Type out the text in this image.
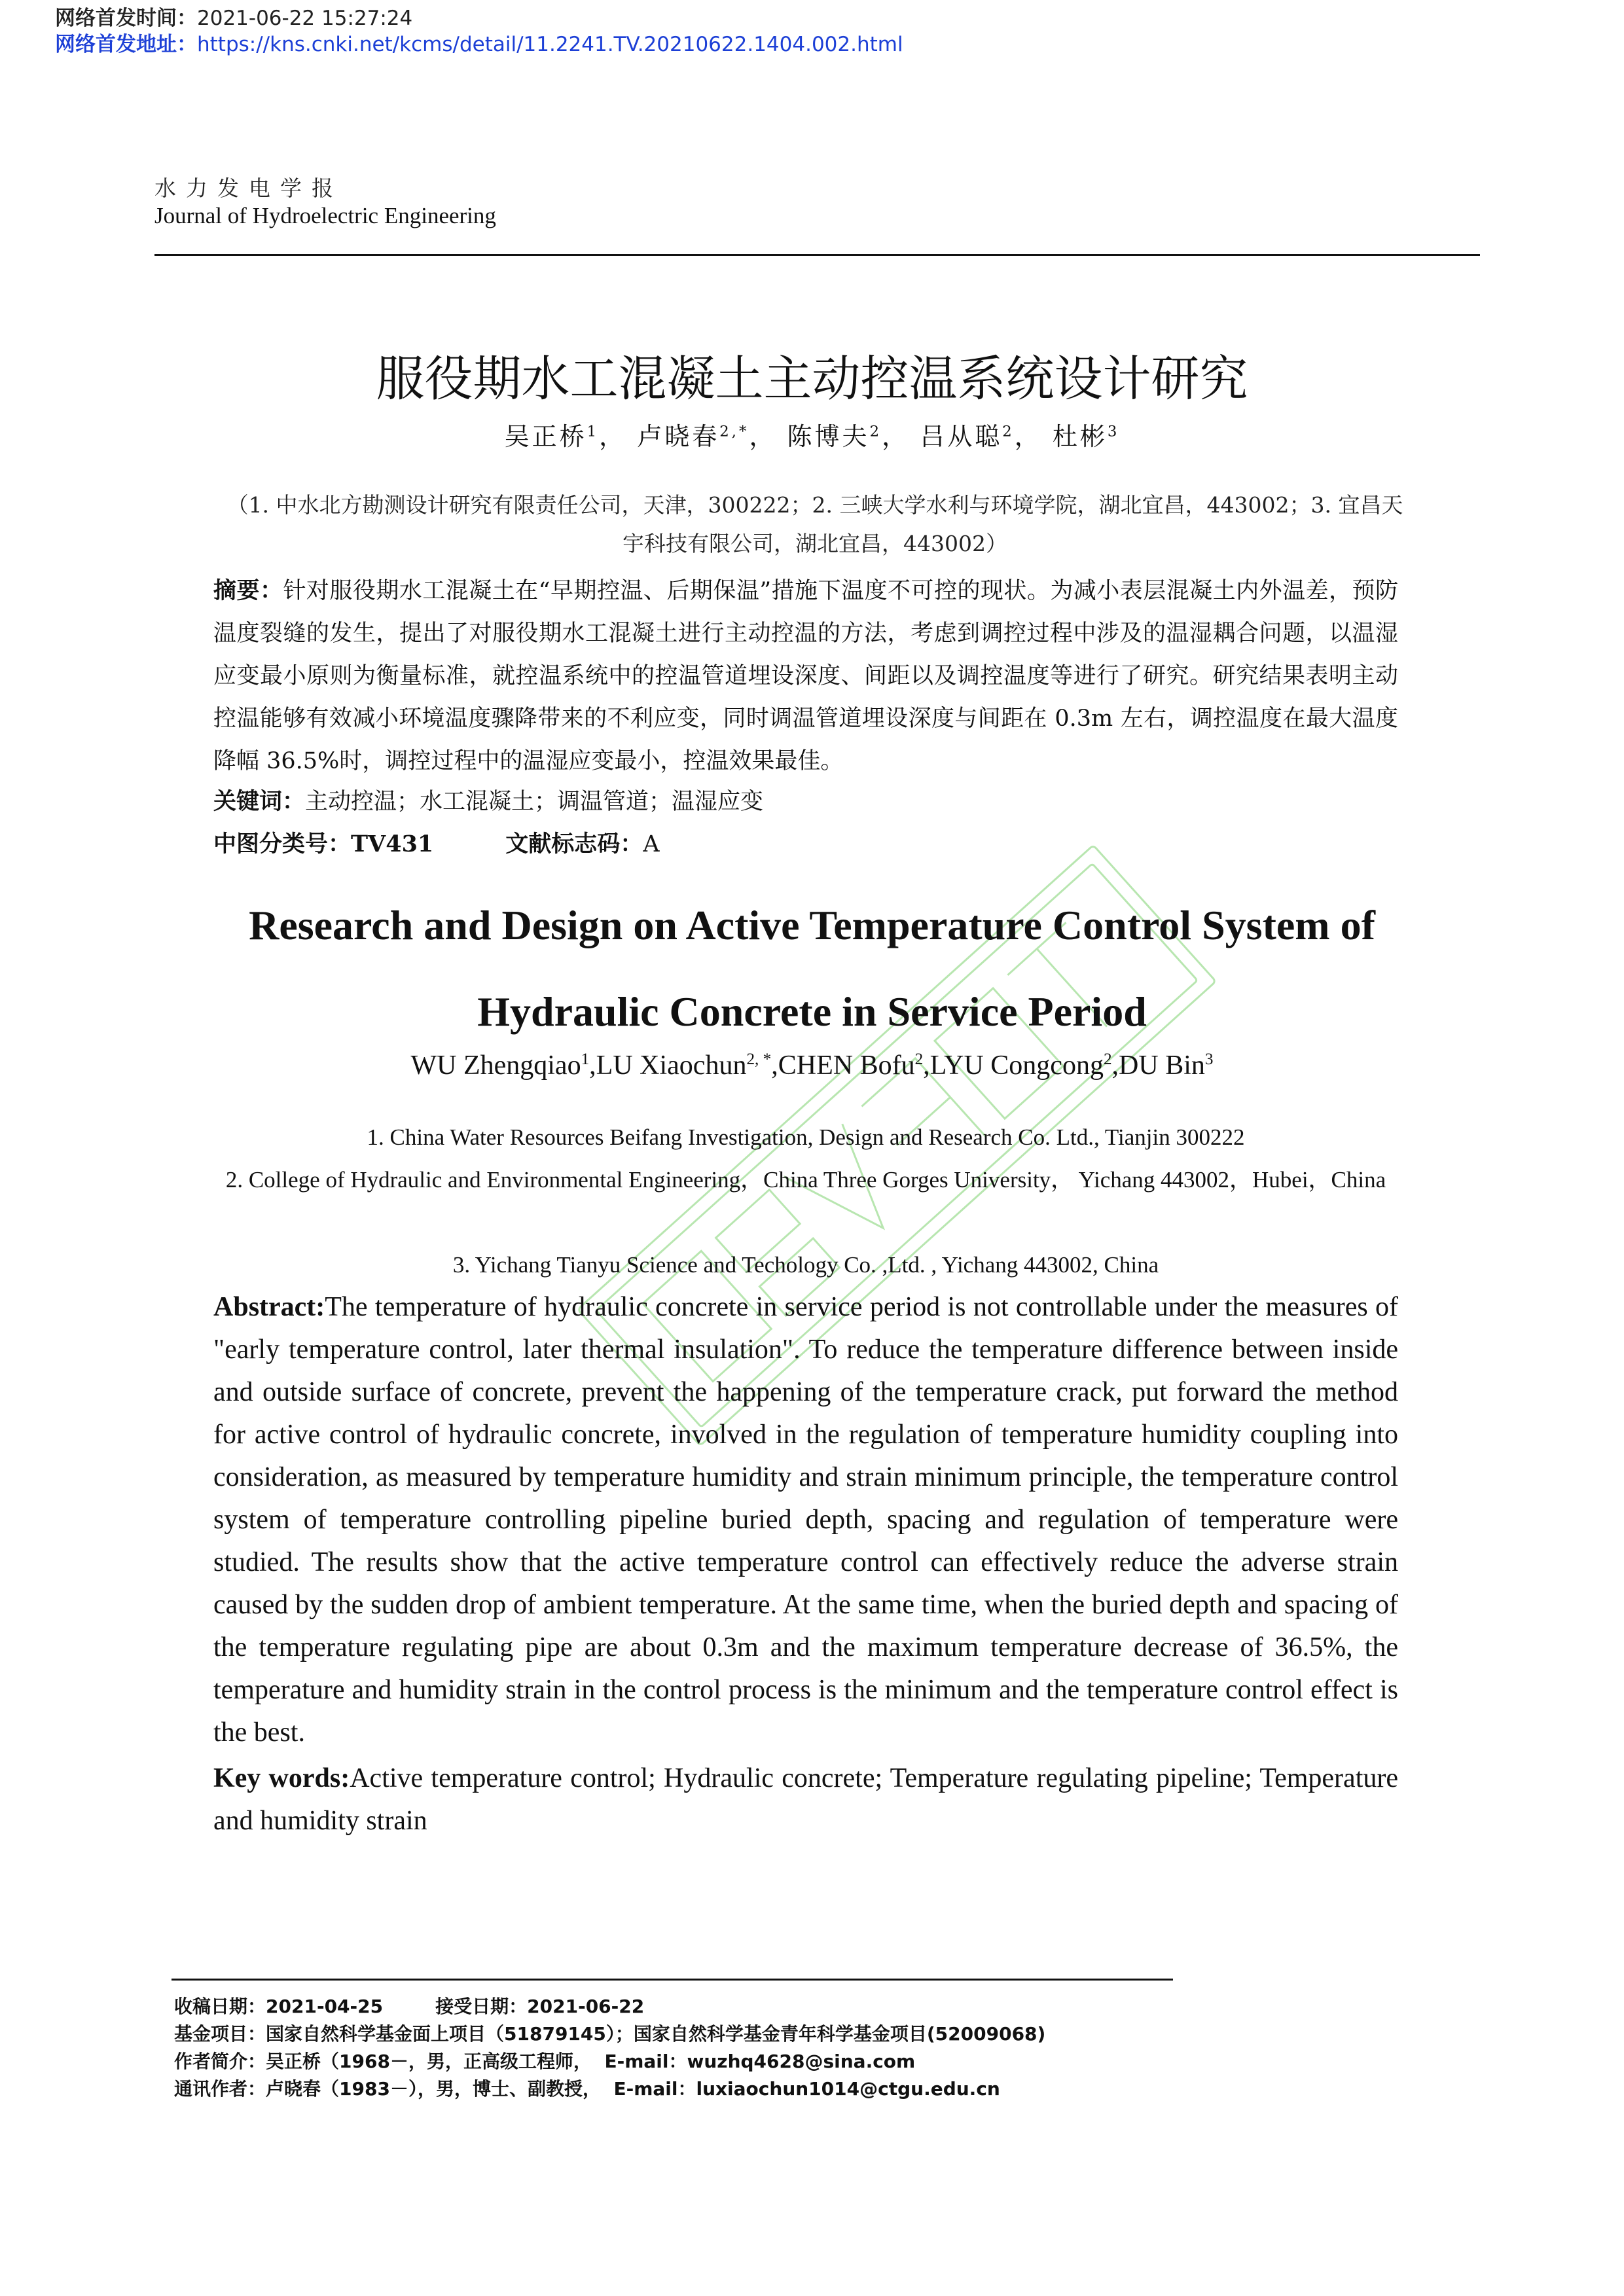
网络首发时间：2021-06-22 15:27:24
网络首发地址：https://kns.cnki.net/kcms/detail/11.2241.TV.20210622.1404.002.html
水力发电学报
Journal of Hydroelectric Engineering
服役期水工混凝土主动控温系统设计研究
吴正桥$^1$， 卢晓春$^{2,*}$， 陈博夫$^2$， 吕从聪$^2$， 杜彬$^3$
（1. 中水北方勘测设计研究有限责任公司，天津，300222；2. 三峡大学水利与环境学院，湖北宜昌，443002；3. 宜昌天
宇科技有限公司，湖北宜昌，443002）
摘要：针对服役期水工混凝土在“早期控温、后期保温”措施下温度不可控的现状。为减小表层混凝土内外温差，预防温度裂缝的发生，提出了对服役期水工混凝土进行主动控温的方法，考虑到调控过程中涉及的温湿耦合问题，以温湿应变最小原则为衡量标准，就控温系统中的控温管道埋设深度、间距以及调控温度等进行了研究。研究结果表明主动控温能够有效减小环境温度骤降带来的不利应变，同时调温管道埋设深度与间距在 0.3m 左右，调控温度在最大温度降幅 36.5%时，调控过程中的温湿应变最小，控温效果最佳。
关键词：主动控温；水工混凝土；调温管道；温湿应变
中图分类号：TV431	文献标志码：A
Research and Design on Active Temperature Control System of
Hydraulic Concrete in Service Period
WU Zhengqiao$^1$,LU Xiaochun$^{2, *}$,CHEN Bofu$^2$,LYU Congcong$^2$,DU Bin$^3$
1. China Water Resources Beifang Investigation, Design and Research Co. Ltd., Tianjin 300222
2. College of Hydraulic and Environmental Engineering，China Three Gorges University， Yichang 443002，Hubei，China
3. Yichang Tianyu Science and Techology Co. ,Ltd. , Yichang 443002, China
Abstract:The temperature of hydraulic concrete in service period is not controllable under the measures of "early temperature control, later thermal insulation". To reduce the temperature difference between inside and outside surface of concrete, prevent the happening of the temperature crack, put forward the method for active control of hydraulic concrete, involved in the regulation of temperature humidity coupling into consideration, as measured by temperature humidity and strain minimum principle, the temperature control system of temperature controlling pipeline buried depth, spacing and regulation of temperature were studied. The results show that the active temperature control can effectively reduce the adverse strain caused by the sudden drop of ambient temperature. At the same time, when the buried depth and spacing of the temperature regulating pipe are about 0.3m and the maximum temperature decrease of 36.5%, the temperature and humidity strain in the control process is the minimum and the temperature control effect is the best.
Key words:Active temperature control; Hydraulic concrete; Temperature regulating pipeline; Temperature and humidity strain
收稿日期：2021-04-25	接受日期：2021-06-22
基金项目：国家自然科学基金面上项目（51879145）；国家自然科学基金青年科学基金项目(52009068)
作者简介：吴正桥（1968－，男，正高级工程师， E-mail：wuzhq4628@sina.com
通讯作者：卢晓春（1983－），男，博士、副教授， E-mail：luxiaochun1014@ctgu.edu.cn
